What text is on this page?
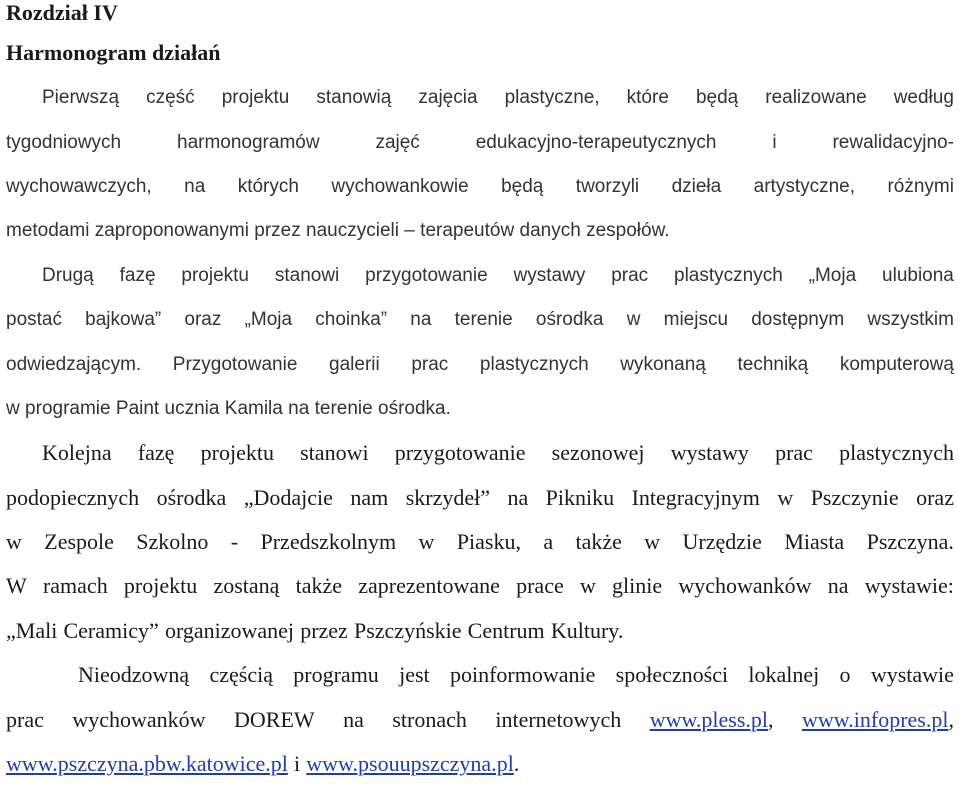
Rozdział IV
Harmonogram działań
Pierwszą część projektu stanowią zajęcia plastyczne, które będą realizowane według
tygodniowych	harmonogramów	zajęć	edukacyjno-terapeutycznych	i	rewalidacyjno-
wychowawczych, na których wychowankowie będą tworzyli dzieła artystyczne, różnymi
metodami zaproponowanymi przez nauczycieli – terapeutów danych zespołów.
Drugą fazę projektu stanowi przygotowanie wystawy prac plastycznych „Moja ulubiona
postać bajkowa” oraz „Moja choinka” na terenie ośrodka w miejscu dostępnym wszystkim
odwiedzającym. Przygotowanie galerii prac plastycznych wykonaną techniką komputerową
w programie Paint ucznia Kamila na terenie ośrodka.
Kolejna fazę projektu stanowi przygotowanie sezonowej wystawy prac plastycznych
podopiecznych ośrodka „Dodajcie nam skrzydeł” na Pikniku Integracyjnym w Pszczynie oraz
w Zespole Szkolno - Przedszkolnym w Piasku, a także w Urzędzie Miasta Pszczyna.
W ramach projektu zostaną także zaprezentowane prace w glinie wychowanków na wystawie:
„Mali Ceramicy” organizowanej przez Pszczyńskie Centrum Kultury.
Nieodzowną częścią programu jest poinformowanie społeczności lokalnej o wystawie
prac wychowanków DOREW na stronach internetowych www.pless.pl, www.infopres.pl,
www.pszczyna.pbw.katowice.pl i www.psouupszczyna.pl.
